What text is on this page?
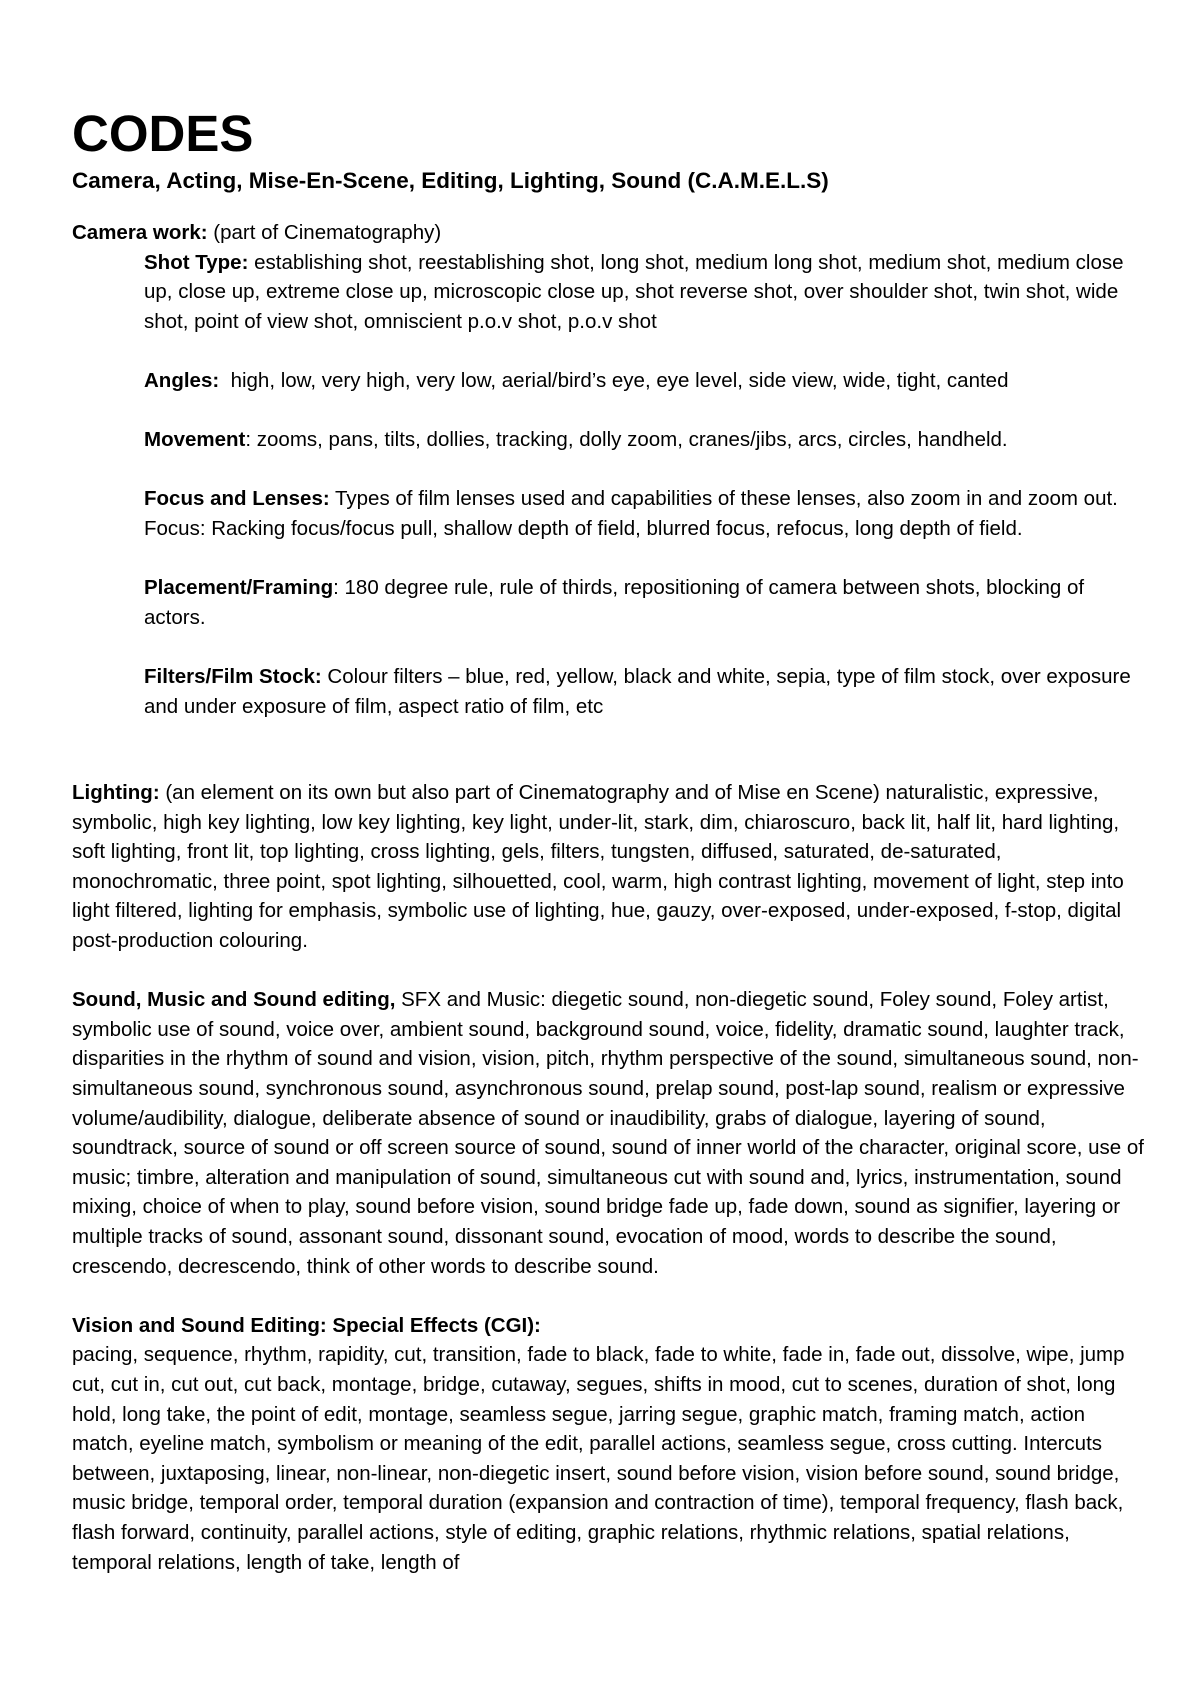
CODES
Camera, Acting, Mise-En-Scene, Editing, Lighting, Sound (C.A.M.E.L.S)
Camera work: (part of Cinematography)
Shot Type: establishing shot, reestablishing shot, long shot, medium long shot, medium shot, medium close up, close up, extreme close up, microscopic close up, shot reverse shot, over shoulder shot, twin shot, wide shot, point of view shot, omniscient p.o.v shot, p.o.v shot
Angles:  high, low, very high, very low, aerial/bird’s eye, eye level, side view, wide, tight, canted
Movement: zooms, pans, tilts, dollies, tracking, dolly zoom, cranes/jibs, arcs, circles, handheld.
Focus and Lenses: Types of film lenses used and capabilities of these lenses, also zoom in and zoom out. Focus: Racking focus/focus pull, shallow depth of field, blurred focus, refocus, long depth of field.
Placement/Framing: 180 degree rule, rule of thirds, repositioning of camera between shots, blocking of actors.
Filters/Film Stock: Colour filters – blue, red, yellow, black and white, sepia, type of film stock, over exposure and under exposure of film, aspect ratio of film, etc
Lighting: (an element on its own but also part of Cinematography and of Mise en Scene) naturalistic, expressive, symbolic, high key lighting, low key lighting, key light, under-lit, stark, dim, chiaroscuro, back lit, half lit, hard lighting, soft lighting, front lit, top lighting, cross lighting, gels, filters, tungsten, diffused, saturated, de-saturated, monochromatic, three point, spot lighting, silhouetted, cool, warm, high contrast lighting, movement of light, step into light filtered, lighting for emphasis, symbolic use of lighting, hue, gauzy, over-exposed, under-exposed, f-stop, digital post-production colouring.
Sound, Music and Sound editing, SFX and Music: diegetic sound, non-diegetic sound, Foley sound, Foley artist, symbolic use of sound, voice over, ambient sound, background sound, voice, fidelity, dramatic sound, laughter track, disparities in the rhythm of sound and vision, vision, pitch, rhythm perspective of the sound, simultaneous sound, non-simultaneous sound, synchronous sound, asynchronous sound, prelap sound, post-lap sound, realism or expressive volume/audibility, dialogue, deliberate absence of sound or inaudibility, grabs of dialogue, layering of sound, soundtrack, source of sound or off screen source of sound, sound of inner world of the character, original score, use of music; timbre, alteration and manipulation of sound, simultaneous cut with sound and, lyrics, instrumentation, sound mixing, choice of when to play, sound before vision, sound bridge fade up, fade down, sound as signifier, layering or multiple tracks of sound, assonant sound, dissonant sound, evocation of mood, words to describe the sound, crescendo, decrescendo, think of other words to describe sound.
Vision and Sound Editing: Special Effects (CGI):
pacing, sequence, rhythm, rapidity, cut, transition, fade to black, fade to white, fade in, fade out, dissolve, wipe, jump cut, cut in, cut out, cut back, montage, bridge, cutaway, segues, shifts in mood, cut to scenes, duration of shot, long hold, long take, the point of edit, montage, seamless segue, jarring segue, graphic match, framing match, action match, eyeline match, symbolism or meaning of the edit, parallel actions, seamless segue, cross cutting. Intercuts between, juxtaposing, linear, non-linear, non-diegetic insert, sound before vision, vision before sound, sound bridge, music bridge, temporal order, temporal duration (expansion and contraction of time), temporal frequency, flash back, flash forward, continuity, parallel actions, style of editing, graphic relations, rhythmic relations, spatial relations, temporal relations, length of take, length of
